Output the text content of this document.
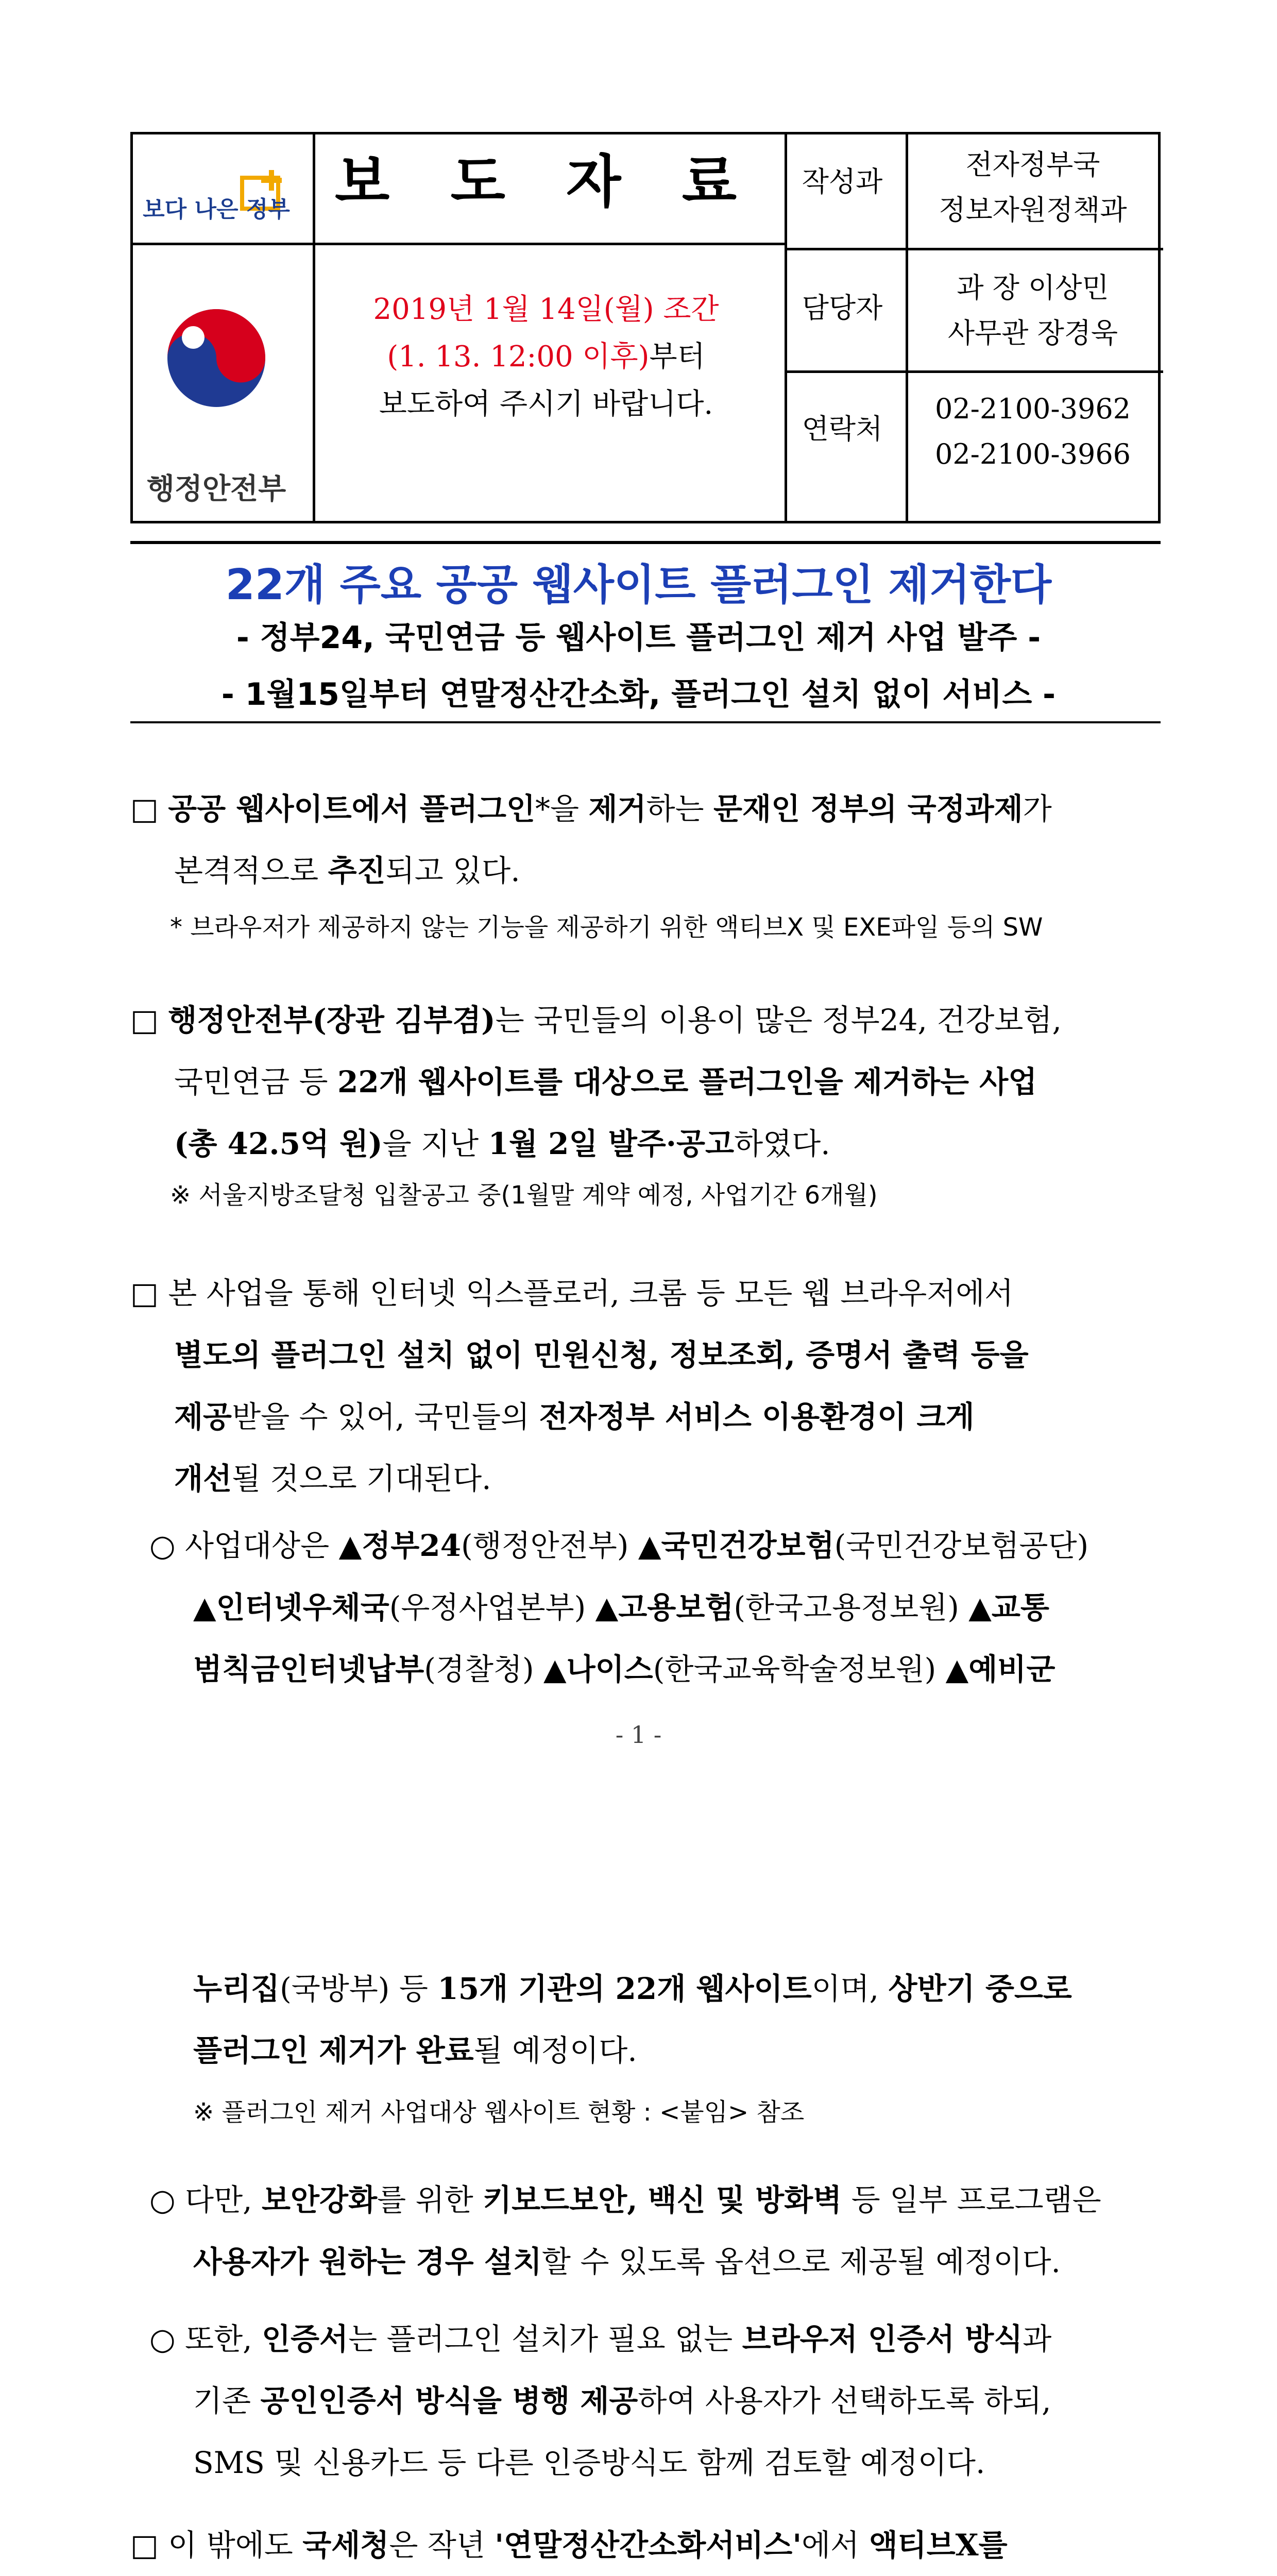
보다 나은 정부
행정안전부
보 도 자 료
2019년 1월 14일(월) 조간
(1. 13. 12:00 이후)부터
보도하여 주시기 바랍니다.
작성과
전자정부국
정보자원정책과
담당자
과 장 이상민
사무관 장경욱
연락처
02-2100-3962
02-2100-3966
22개 주요 공공 웹사이트 플러그인 제거한다
- 정부24, 국민연금 등 웹사이트 플러그인 제거 사업 발주 -
- 1월15일부터 연말정산간소화, 플러그인 설치 없이 서비스 -
□ 공공 웹사이트에서 플러그인*을 제거하는 문재인 정부의 국정과제가
본격적으로 추진되고 있다.
* 브라우저가 제공하지 않는 기능을 제공하기 위한 액티브X 및 EXE파일 등의 SW
□ 행정안전부(장관 김부겸)는 국민들의 이용이 많은 정부24, 건강보험,
국민연금 등 22개 웹사이트를 대상으로 플러그인을 제거하는 사업
(총 42.5억 원)을 지난 1월 2일 발주·공고하였다.
※ 서울지방조달청 입찰공고 중(1월말 계약 예정, 사업기간 6개월)
□ 본 사업을 통해 인터넷 익스플로러, 크롬 등 모든 웹 브라우저에서
별도의 플러그인 설치 없이 민원신청, 정보조회, 증명서 출력 등을
제공받을 수 있어, 국민들의 전자정부 서비스 이용환경이 크게
개선될 것으로 기대된다.
○ 사업대상은 ▲정부24(행정안전부) ▲국민건강보험(국민건강보험공단)
▲인터넷우체국(우정사업본부) ▲고용보험(한국고용정보원) ▲교통
범칙금인터넷납부(경찰청) ▲나이스(한국교육학술정보원) ▲예비군
- 1 -
누리집(국방부) 등 15개 기관의 22개 웹사이트이며, 상반기 중으로
플러그인 제거가 완료될 예정이다.
※ 플러그인 제거 사업대상 웹사이트 현황 : <붙임> 참조
○ 다만, 보안강화를 위한 키보드보안, 백신 및 방화벽 등 일부 프로그램은
사용자가 원하는 경우 설치할 수 있도록 옵션으로 제공될 예정이다.
○ 또한, 인증서는 플러그인 설치가 필요 없는 브라우저 인증서 방식과
기존 공인인증서 방식을 병행 제공하여 사용자가 선택하도록 하되,
SMS 및 신용카드 등 다른 인증방식도 함께 검토할 예정이다.
□ 이 밖에도 국세청은 작년 '연말정산간소화서비스'에서 액티브X를
